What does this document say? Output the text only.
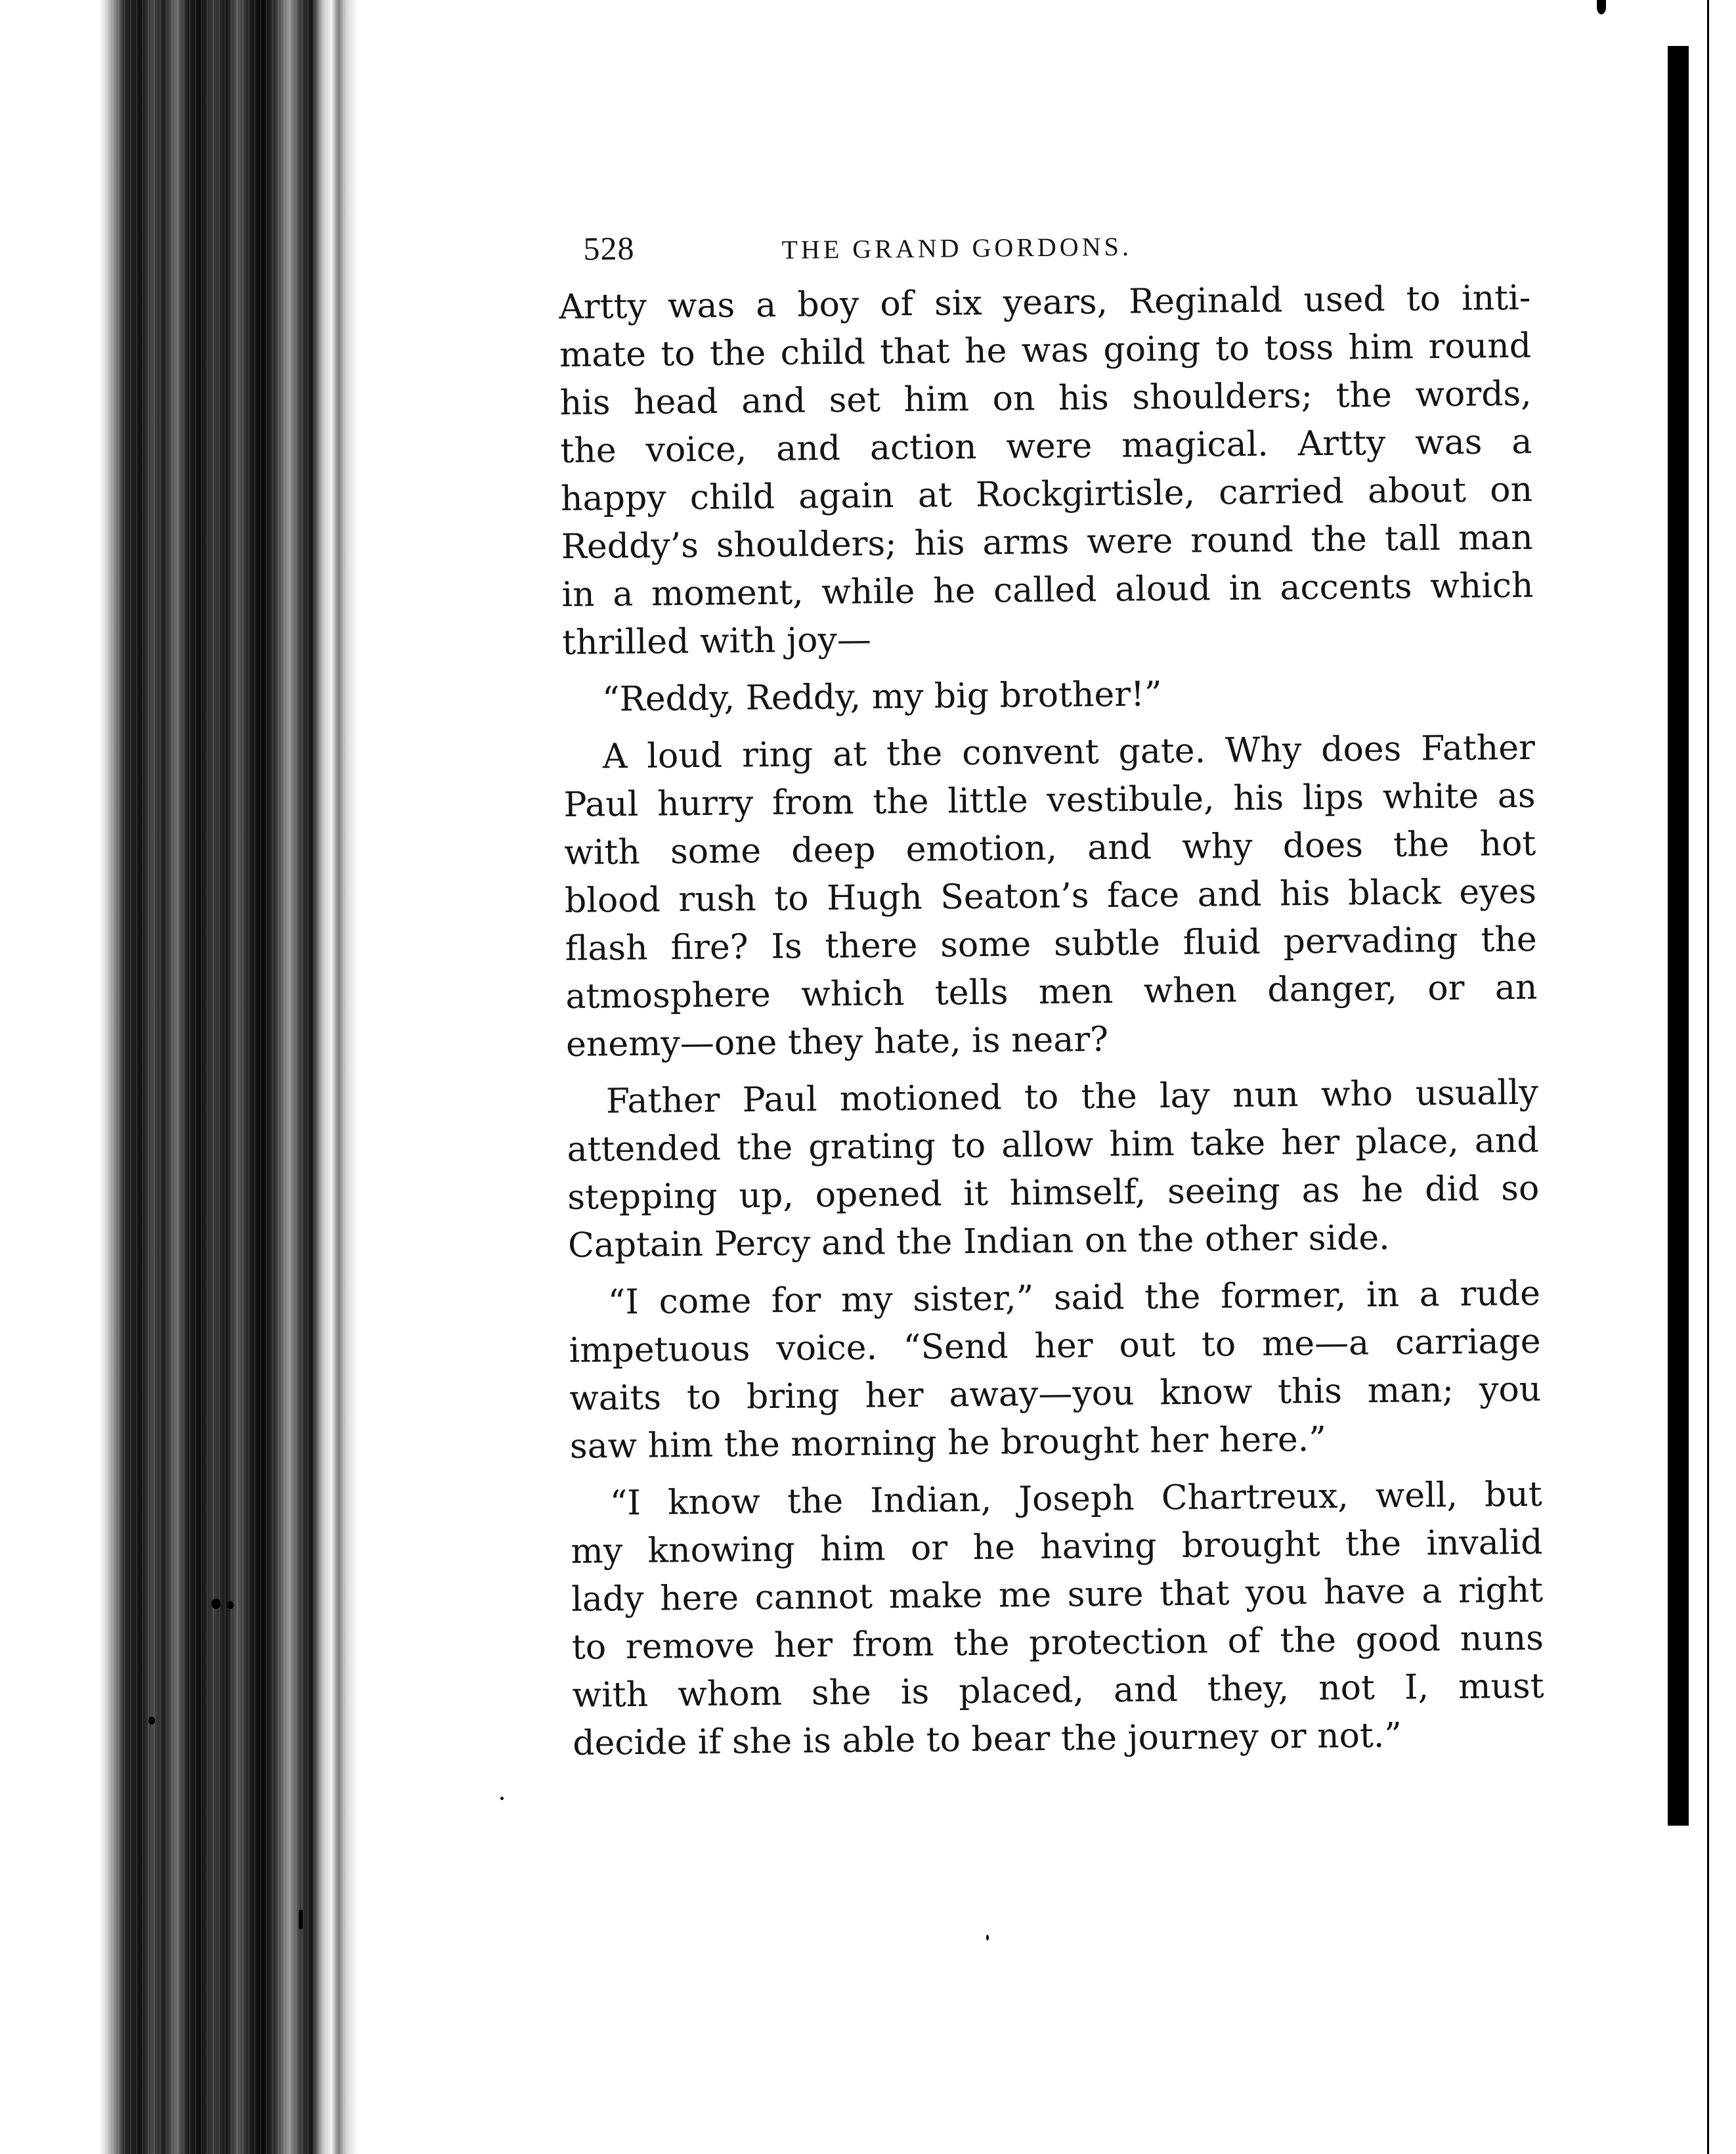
528	THE GRAND GORDONS.
Artty was a boy of six years, Reginald used to inti-
mate to the child that he was going to toss him round
his head and set him on his shoulders; the words,
the voice, and action were magical. Artty was a
happy child again at Rockgirtisle, carried about on
Reddy’s shoulders; his arms were round the tall man
in a moment, while he called aloud in accents which
thrilled with joy—
“Reddy, Reddy, my big brother!”
A loud ring at the convent gate. Why does Father
Paul hurry from the little vestibule, his lips white as
with some deep emotion, and why does the hot
blood rush to Hugh Seaton’s face and his black eyes
flash fire? Is there some subtle fluid pervading the
atmosphere which tells men when danger, or an
enemy—one they hate, is near?
Father Paul motioned to the lay nun who usually
attended the grating to allow him take her place, and
stepping up, opened it himself, seeing as he did so
Captain Percy and the Indian on the other side.
“I come for my sister,” said the former, in a rude
impetuous voice. “Send her out to me—a carriage
waits to bring her away—you know this man; you
saw him the morning he brought her here.”
“I know the Indian, Joseph Chartreux, well, but
my knowing him or he having brought the invalid
lady here cannot make me sure that you have a right
to remove her from the protection of the good nuns
with whom she is placed, and they, not I, must
decide if she is able to bear the journey or not.”
